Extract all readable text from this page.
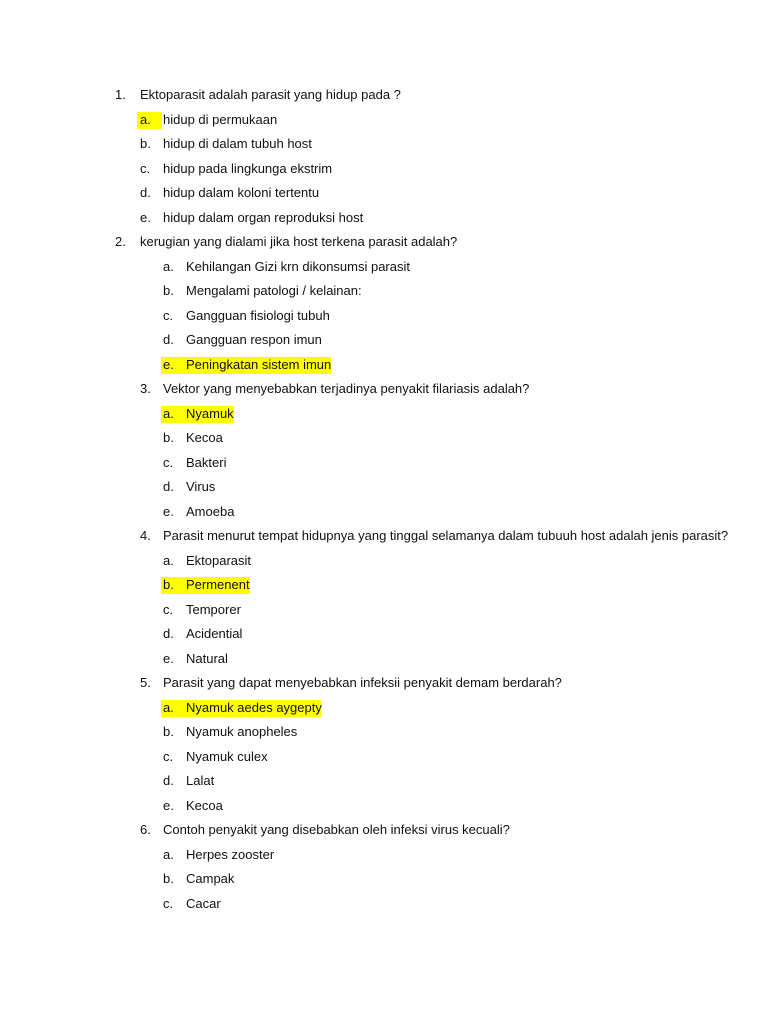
1. Ektoparasit adalah parasit yang hidup pada ?
a. hidup di permukaan
b. hidup di dalam tubuh host
c. hidup pada lingkunga ekstrim
d. hidup dalam koloni tertentu
e. hidup dalam organ reproduksi host
2. kerugian yang dialami jika host terkena parasit adalah?
a. Kehilangan Gizi krn dikonsumsi parasit
b. Mengalami patologi / kelainan:
c. Gangguan fisiologi tubuh
d. Gangguan respon imun
e. Peningkatan sistem imun
3. Vektor yang menyebabkan terjadinya penyakit filariasis adalah?
a. Nyamuk
b. Kecoa
c. Bakteri
d. Virus
e. Amoeba
4. Parasit menurut tempat hidupnya yang tinggal selamanya dalam tubuuh host adalah jenis parasit?
a. Ektoparasit
b. Permenent
c. Temporer
d. Acidential
e. Natural
5. Parasit yang dapat menyebabkan infeksii penyakit demam berdarah?
a. Nyamuk aedes aygepty
b. Nyamuk anopheles
c. Nyamuk culex
d. Lalat
e. Kecoa
6. Contoh penyakit yang disebabkan oleh infeksi virus kecuali?
a. Herpes zooster
b. Campak
c. Cacar
